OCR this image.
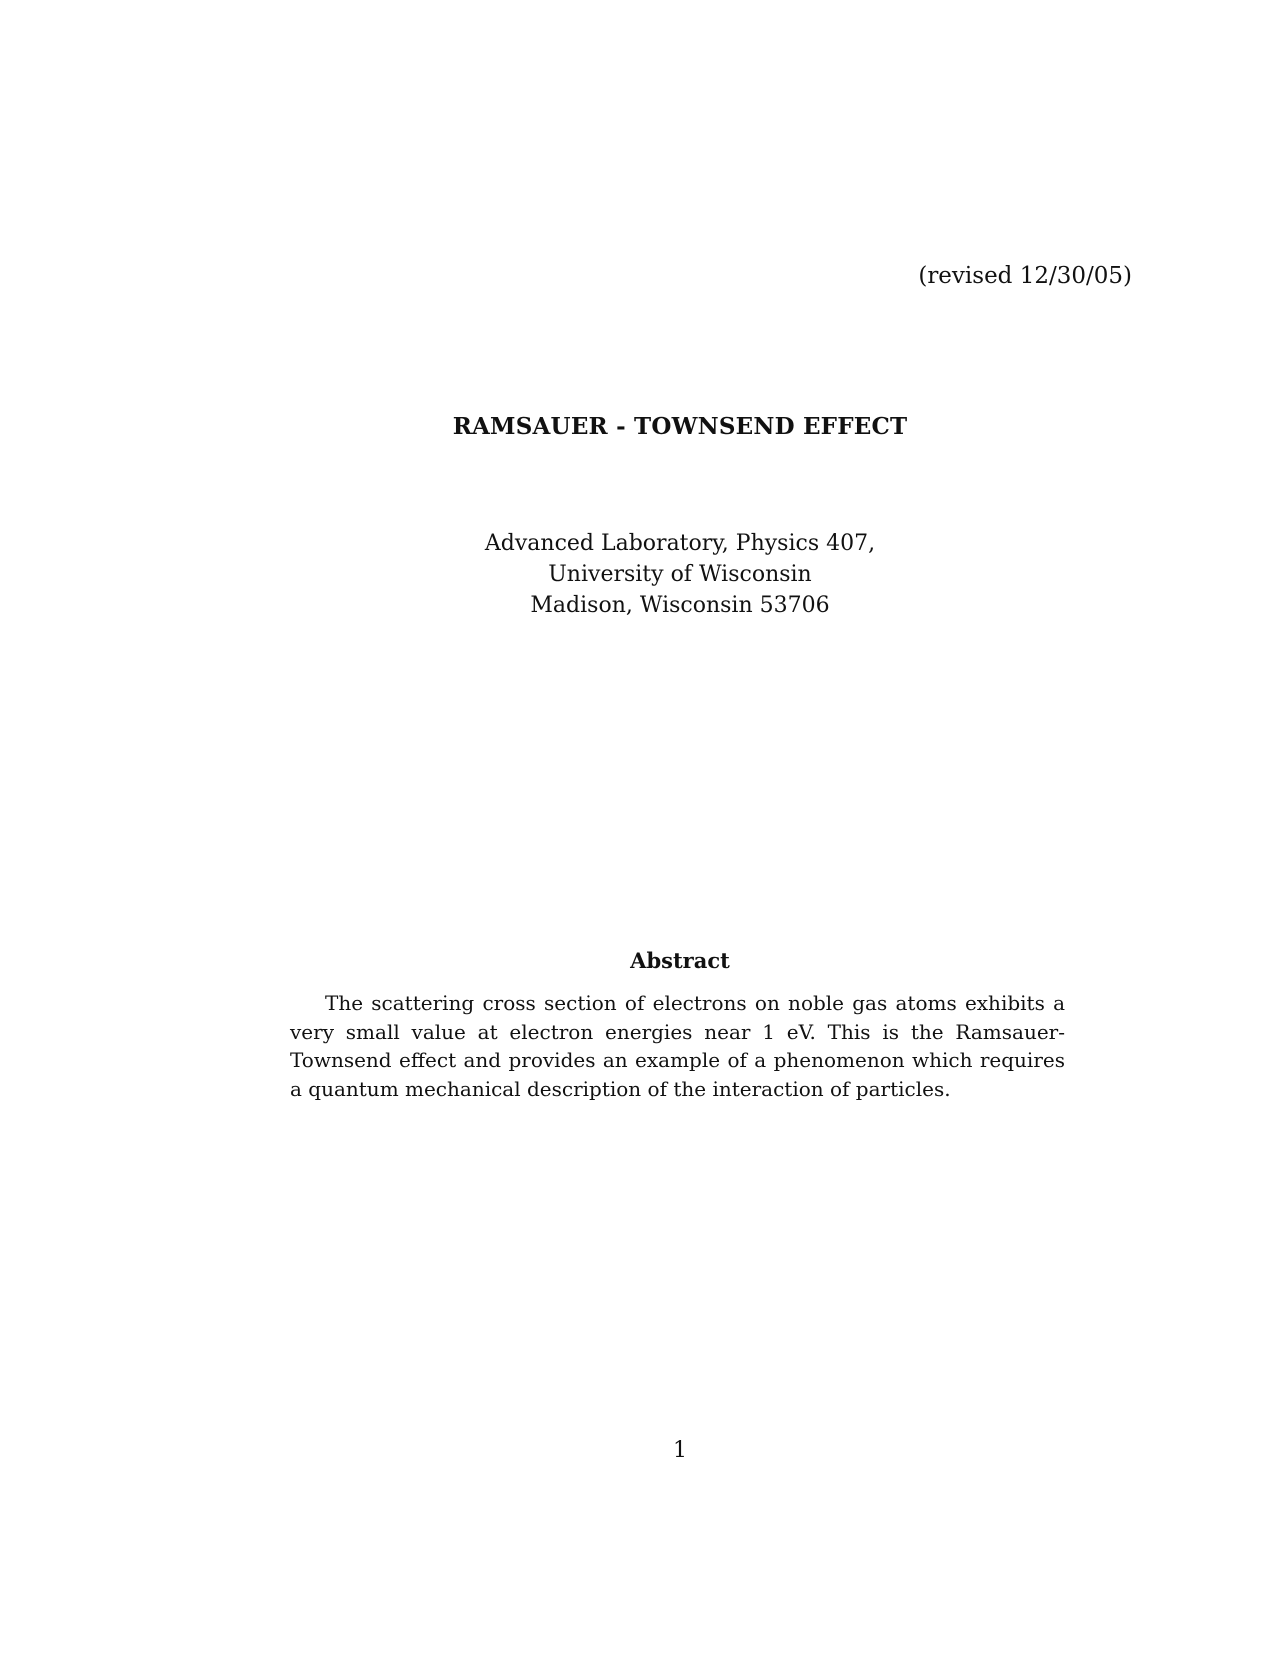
(revised 12/30/05)
RAMSAUER - TOWNSEND EFFECT
Advanced Laboratory, Physics 407,
University of Wisconsin
Madison, Wisconsin 53706
Abstract
The scattering cross section of electrons on noble gas atoms exhibits a very small value at electron energies near 1 eV. This is the Ramsauer-Townsend effect and provides an example of a phenomenon which requires a quantum mechanical description of the interaction of particles.
1
